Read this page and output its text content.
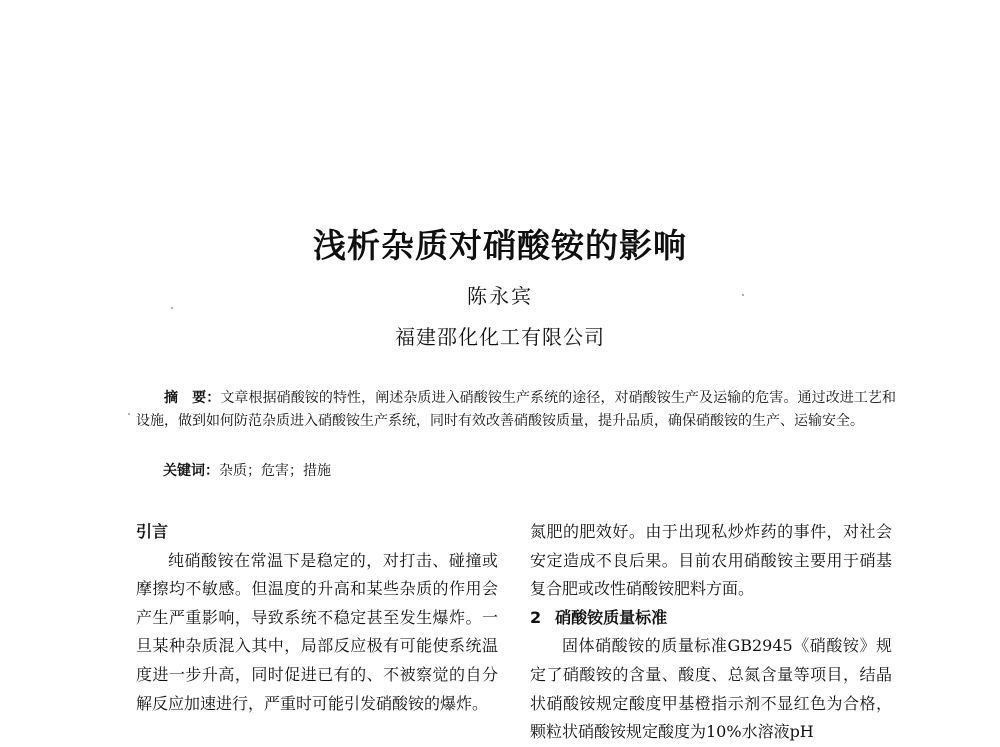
浅析杂质对硝酸铵的影响
陈永宾
福建邵化化工有限公司
摘　要：文章根据硝酸铵的特性，阐述杂质进入硝酸铵生产系统的途径，对硝酸铵生产及运输的危害。通过改进工艺和设施，做到如何防范杂质进入硝酸铵生产系统，同时有效改善硝酸铵质量，提升品质，确保硝酸铵的生产、运输安全。
关键词：杂质；危害；措施
引言

纯硝酸铵在常温下是稳定的，对打击、碰撞或摩擦均不敏感。但温度的升高和某些杂质的作用会产生严重影响，导致系统不稳定甚至发生爆炸。一旦某种杂质混入其中，局部反应极有可能使系统温度进一步升高，同时促进已有的、不被察觉的自分解反应加速进行，严重时可能引发硝酸铵的爆炸。

氮肥的肥效好。由于出现私炒炸药的事件，对社会安定造成不良后果。目前农用硝酸铵主要用于硝基复合肥或改性硝酸铵肥料方面。

2 硝酸铵质量标准

固体硝酸铵的质量标准GB2945《硝酸铵》规定了硝酸铵的含量、酸度、总氮含量等项目，结晶状硝酸铵规定酸度甲基橙指示剂不显红色为合格，颗粒状硝酸铵规定酸度为10%水溶液pH
